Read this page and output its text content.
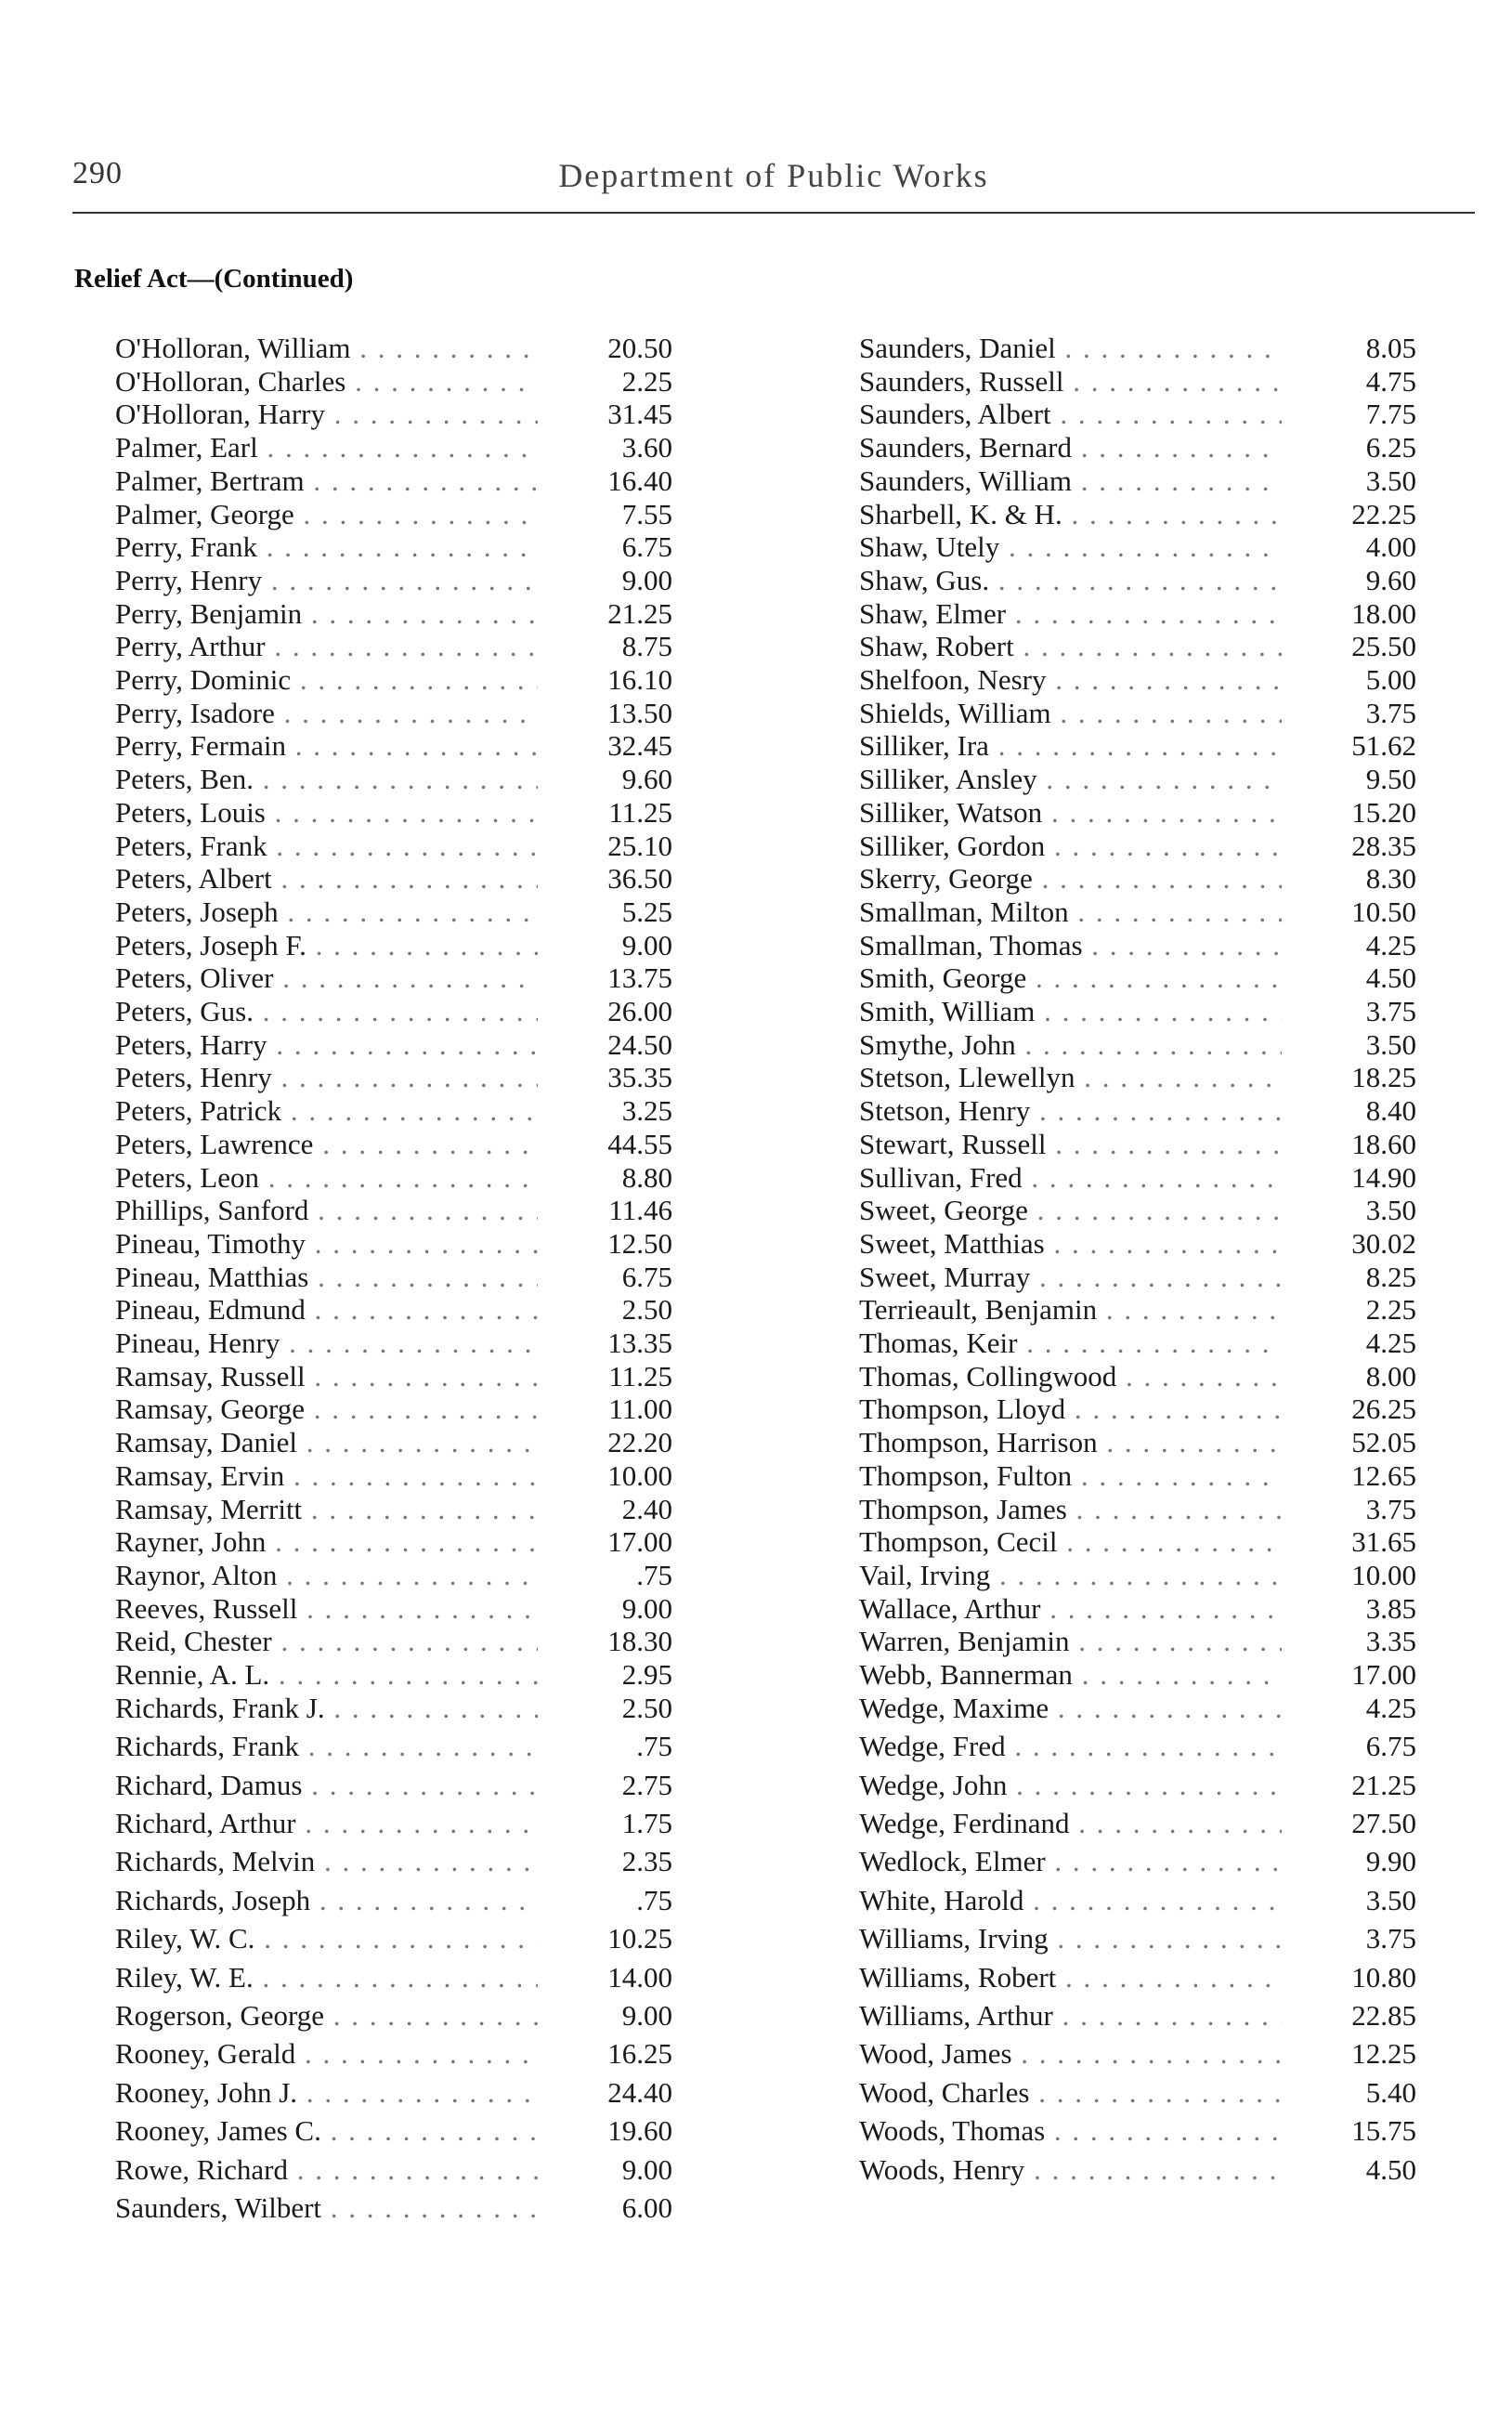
290	Department of Public Works
Relief Act—(Continued)
O'Holloran, William . . .	20.50
O'Holloran, Charles . . .	2.25
O'Holloran, Harry . . .	31.45
Palmer, Earl . . .	3.60
Palmer, Bertram . . .	16.40
Palmer, George . . .	7.55
Perry, Frank . . .	6.75
Perry, Henry . . .	9.00
Perry, Benjamin . . .	21.25
Perry, Arthur . . .	8.75
Perry, Dominic . . .	16.10
Perry, Isadore . . .	13.50
Perry, Fermain . . .	32.45
Peters, Ben. . . .	9.60
Peters, Louis . . .	11.25
Peters, Frank . . .	25.10
Peters, Albert . . .	36.50
Peters, Joseph . . .	5.25
Peters, Joseph F. . . .	9.00
Peters, Oliver . . .	13.75
Peters, Gus. . . .	26.00
Peters, Harry . . .	24.50
Peters, Henry . . .	35.35
Peters, Patrick . . .	3.25
Peters, Lawrence . . .	44.55
Peters, Leon . . .	8.80
Phillips, Sanford . . .	11.46
Pineau, Timothy . . .	12.50
Pineau, Matthias . . .	6.75
Pineau, Edmund . . .	2.50
Pineau, Henry . . .	13.35
Ramsay, Russell . . .	11.25
Ramsay, George . . .	11.00
Ramsay, Daniel . . .	22.20
Ramsay, Ervin . . .	10.00
Ramsay, Merritt . . .	2.40
Rayner, John . . .	17.00
Raynor, Alton . . .	.75
Reeves, Russell . . .	9.00
Reid, Chester . . .	18.30
Rennie, A. L. . . .	2.95
Richards, Frank J. . . .	2.50
Richards, Frank . . .	.75
Richard, Damus . . .	2.75
Richard, Arthur . . .	1.75
Richards, Melvin . . .	2.35
Richards, Joseph . . .	.75
Riley, W. C. . . .	10.25
Riley, W. E. . . .	14.00
Rogerson, George . . .	9.00
Rooney, Gerald . . .	16.25
Rooney, John J. . . .	24.40
Rooney, James C. . . .	19.60
Rowe, Richard . . .	9.00
Saunders, Wilbert . . .	6.00
Saunders, Daniel . . .	8.05
Saunders, Russell . . .	4.75
Saunders, Albert . . .	7.75
Saunders, Bernard . . .	6.25
Saunders, William . . .	3.50
Sharbell, K. & H. . . .	22.25
Shaw, Utely . . .	4.00
Shaw, Gus. . . .	9.60
Shaw, Elmer . . .	18.00
Shaw, Robert . . .	25.50
Shelfoon, Nesry . . .	5.00
Shields, William . . .	3.75
Silliker, Ira . . .	51.62
Silliker, Ansley . . .	9.50
Silliker, Watson . . .	15.20
Silliker, Gordon . . .	28.35
Skerry, George . . .	8.30
Smallman, Milton . . .	10.50
Smallman, Thomas . . .	4.25
Smith, George . . .	4.50
Smith, William . . .	3.75
Smythe, John . . .	3.50
Stetson, Llewellyn . . .	18.25
Stetson, Henry . . .	8.40
Stewart, Russell . . .	18.60
Sullivan, Fred . . .	14.90
Sweet, George . . .	3.50
Sweet, Matthias . . .	30.02
Sweet, Murray . . .	8.25
Terrieault, Benjamin . . .	2.25
Thomas, Keir . . .	4.25
Thomas, Collingwood . . .	8.00
Thompson, Lloyd . . .	26.25
Thompson, Harrison . . .	52.05
Thompson, Fulton . . .	12.65
Thompson, James . . .	3.75
Thompson, Cecil . . .	31.65
Vail, Irving . . .	10.00
Wallace, Arthur . . .	3.85
Warren, Benjamin . . .	3.35
Webb, Bannerman . . .	17.00
Wedge, Maxime . . .	4.25
Wedge, Fred . . .	6.75
Wedge, John . . .	21.25
Wedge, Ferdinand . . .	27.50
Wedlock, Elmer . . .	9.90
White, Harold . . .	3.50
Williams, Irving . . .	3.75
Williams, Robert . . .	10.80
Williams, Arthur . . .	22.85
Wood, James . . .	12.25
Wood, Charles . . .	5.40
Woods, Thomas . . .	15.75
Woods, Henry . . .	4.50
